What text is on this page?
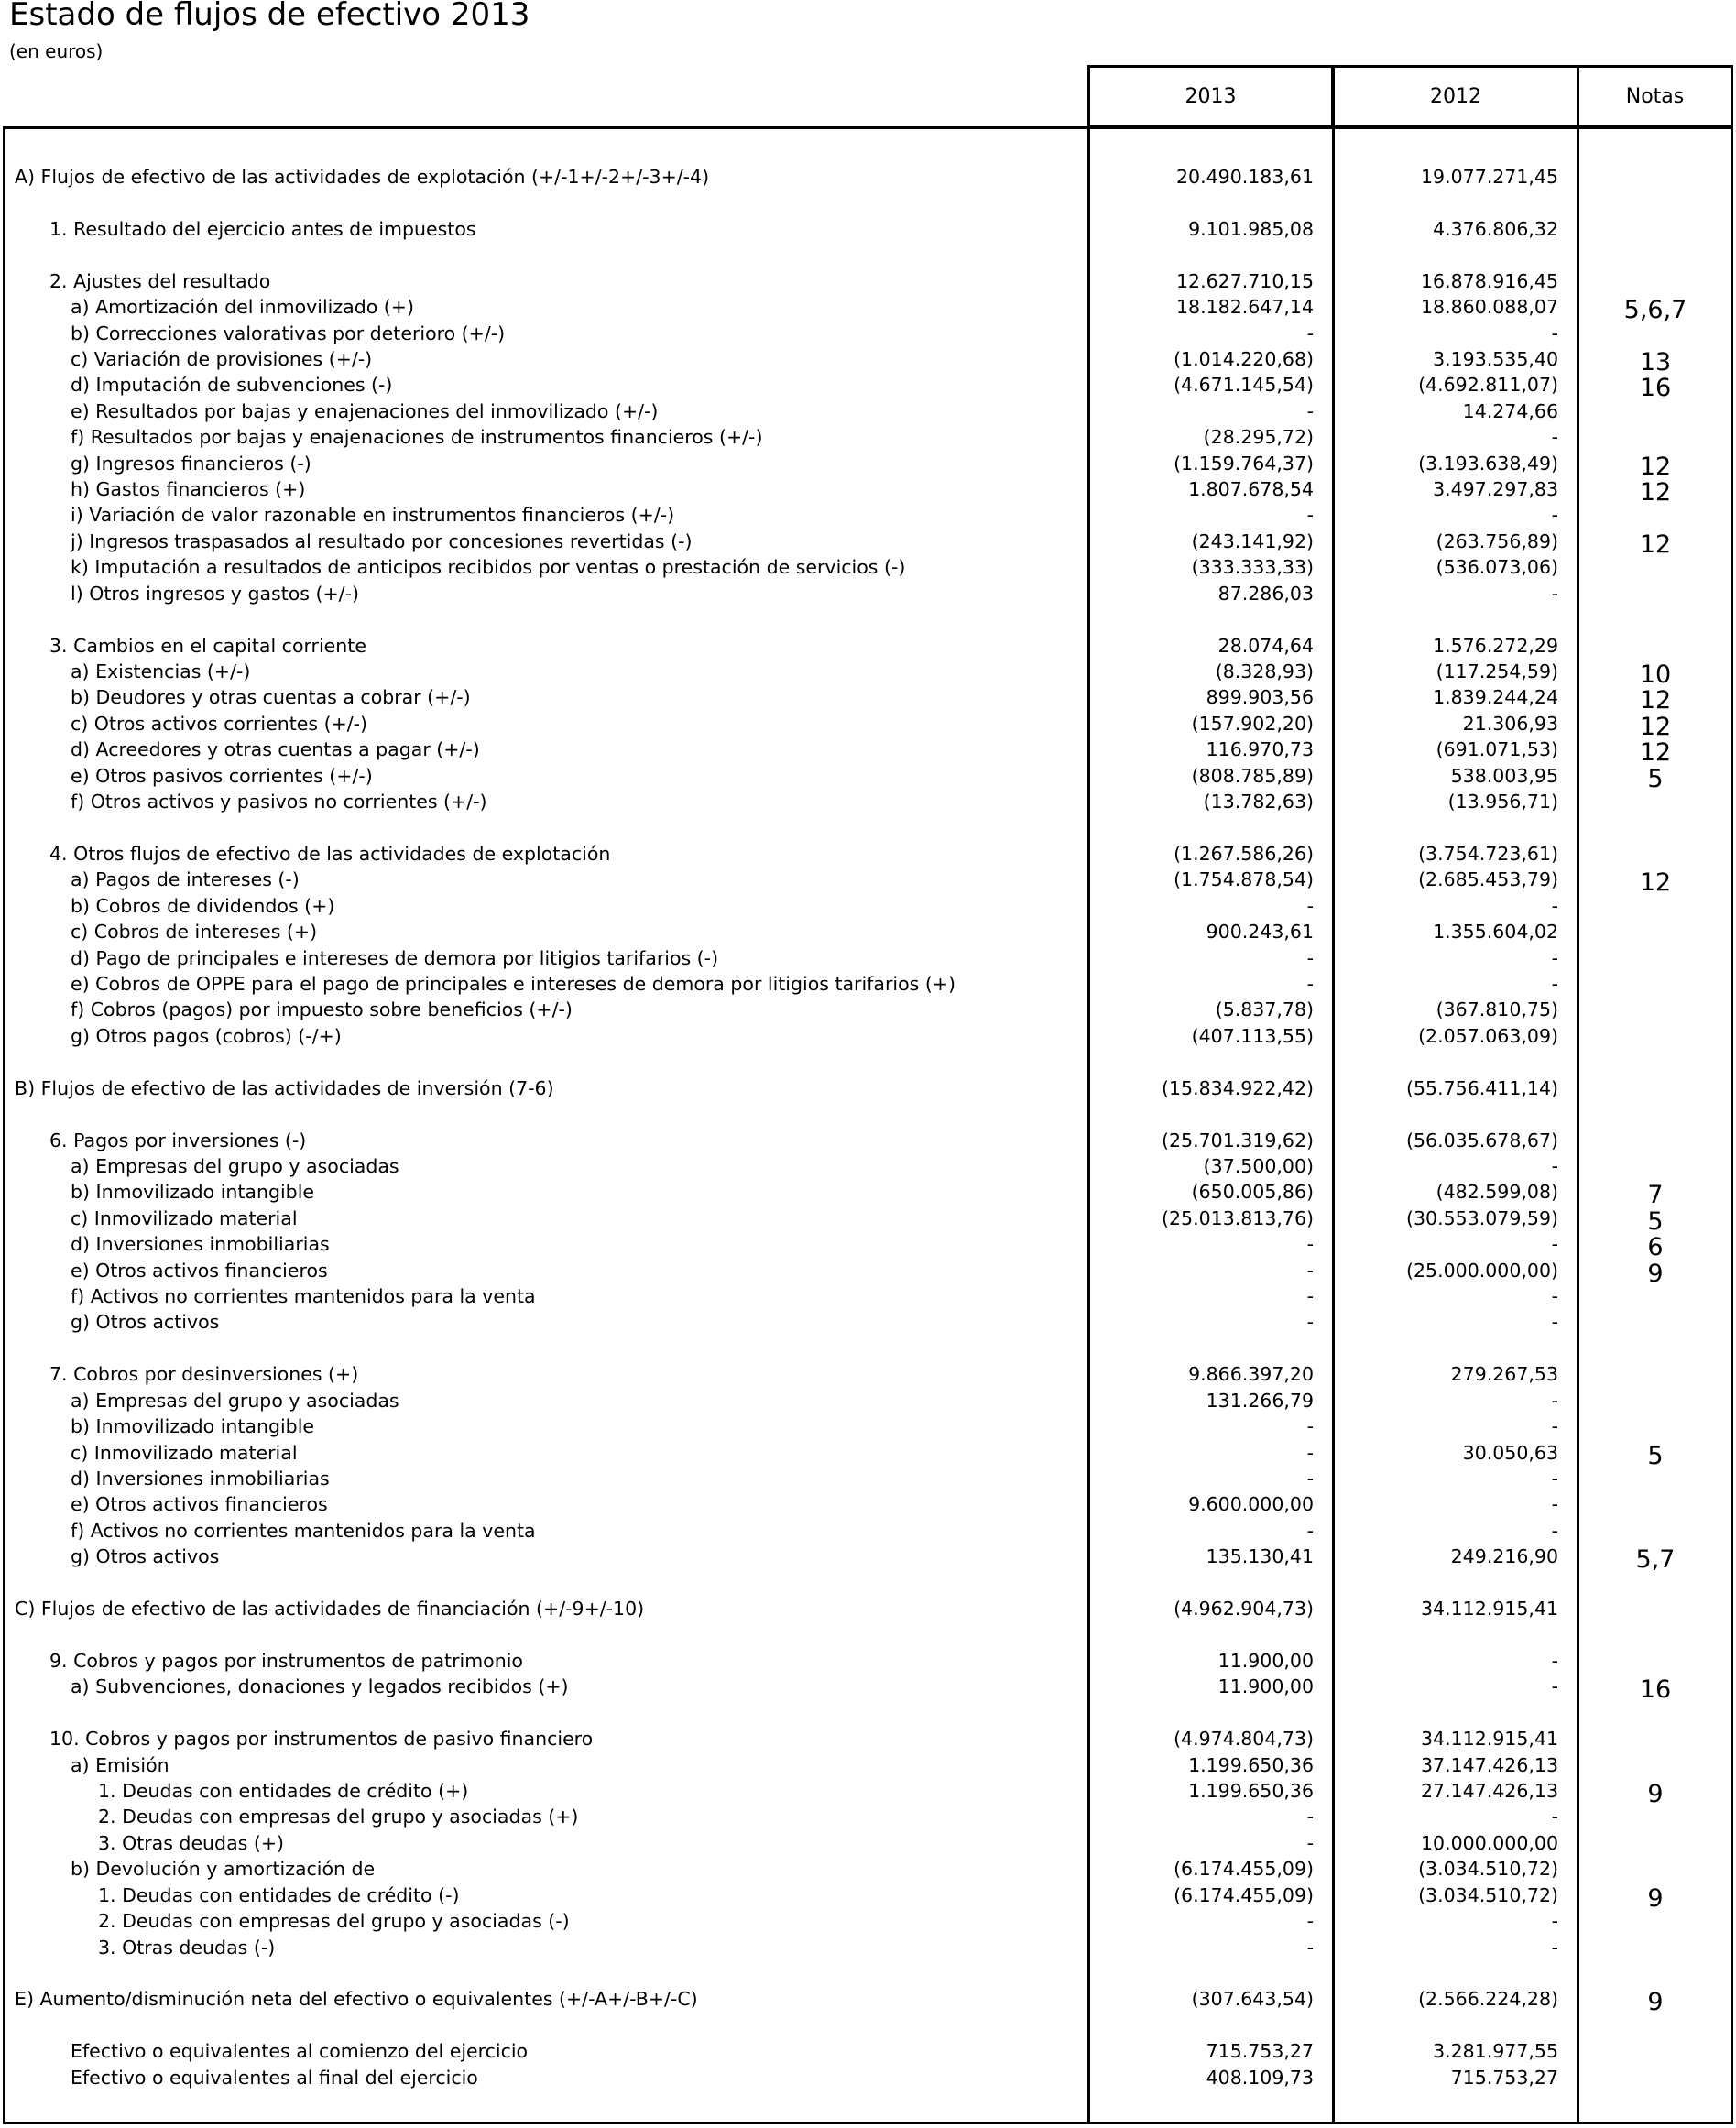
Estado de flujos de efectivo 2013
(en euros)
2013	2012	Notas
A) Flujos de efectivo de las actividades de explotación (+/-1+/-2+/-3+/-4)	20.490.183,61	19.077.271,45
1. Resultado del ejercicio antes de impuestos	9.101.985,08	4.376.806,32
2. Ajustes del resultado	12.627.710,15	16.878.916,45
a) Amortización del inmovilizado (+)	18.182.647,14	18.860.088,07	5,6,7
b) Correcciones valorativas por deterioro (+/-)	-	-
c) Variación de provisiones (+/-)	(1.014.220,68)	3.193.535,40	13
d) Imputación de subvenciones (-)	(4.671.145,54)	(4.692.811,07)	16
e) Resultados por bajas y enajenaciones del inmovilizado (+/-)	-	14.274,66
f) Resultados por bajas y enajenaciones de instrumentos financieros (+/-)	(28.295,72)	-
g) Ingresos financieros (-)	(1.159.764,37)	(3.193.638,49)	12
h) Gastos financieros (+)	1.807.678,54	3.497.297,83	12
i) Variación de valor razonable en instrumentos financieros (+/-)	-	-
j) Ingresos traspasados al resultado por concesiones revertidas (-)	(243.141,92)	(263.756,89)	12
k) Imputación a resultados de anticipos recibidos por ventas o prestación de servicios (-)	(333.333,33)	(536.073,06)
l) Otros ingresos y gastos (+/-)	87.286,03	-
3. Cambios en el capital corriente	28.074,64	1.576.272,29
a) Existencias (+/-)	(8.328,93)	(117.254,59)	10
b) Deudores y otras cuentas a cobrar (+/-)	899.903,56	1.839.244,24	12
c) Otros activos corrientes (+/-)	(157.902,20)	21.306,93	12
d) Acreedores y otras cuentas a pagar (+/-)	116.970,73	(691.071,53)	12
e) Otros pasivos corrientes (+/-)	(808.785,89)	538.003,95	5
f) Otros activos y pasivos no corrientes (+/-)	(13.782,63)	(13.956,71)
4. Otros flujos de efectivo de las actividades de explotación	(1.267.586,26)	(3.754.723,61)
a) Pagos de intereses (-)	(1.754.878,54)	(2.685.453,79)	12
b) Cobros de dividendos (+)	-	-
c) Cobros de intereses (+)	900.243,61	1.355.604,02
d) Pago de principales e intereses de demora por litigios tarifarios (-)	-	-
e) Cobros de OPPE para el pago de principales e intereses de demora por litigios tarifarios (+)	-	-
f) Cobros (pagos) por impuesto sobre beneficios (+/-)	(5.837,78)	(367.810,75)
g) Otros pagos (cobros) (-/+)	(407.113,55)	(2.057.063,09)
B) Flujos de efectivo de las actividades de inversión (7-6)	(15.834.922,42)	(55.756.411,14)
6. Pagos por inversiones (-)	(25.701.319,62)	(56.035.678,67)
a) Empresas del grupo y asociadas	(37.500,00)	-
b) Inmovilizado intangible	(650.005,86)	(482.599,08)	7
c) Inmovilizado material	(25.013.813,76)	(30.553.079,59)	5
d) Inversiones inmobiliarias	-	-	6
e) Otros activos financieros	-	(25.000.000,00)	9
f) Activos no corrientes mantenidos para la venta	-	-
g) Otros activos	-	-
7. Cobros por desinversiones (+)	9.866.397,20	279.267,53
a) Empresas del grupo y asociadas	131.266,79	-
b) Inmovilizado intangible	-	-
c) Inmovilizado material	-	30.050,63	5
d) Inversiones inmobiliarias	-	-
e) Otros activos financieros	9.600.000,00	-
f) Activos no corrientes mantenidos para la venta	-	-
g) Otros activos	135.130,41	249.216,90	5,7
C) Flujos de efectivo de las actividades de financiación (+/-9+/-10)	(4.962.904,73)	34.112.915,41
9. Cobros y pagos por instrumentos de patrimonio	11.900,00	-
a) Subvenciones, donaciones y legados recibidos (+)	11.900,00	-	16
10. Cobros y pagos por instrumentos de pasivo financiero	(4.974.804,73)	34.112.915,41
a) Emisión	1.199.650,36	37.147.426,13
1. Deudas con entidades de crédito (+)	1.199.650,36	27.147.426,13	9
2. Deudas con empresas del grupo y asociadas (+)	-	-
3. Otras deudas (+)	-	10.000.000,00
b) Devolución y amortización de	(6.174.455,09)	(3.034.510,72)
1. Deudas con entidades de crédito (-)	(6.174.455,09)	(3.034.510,72)	9
2. Deudas con empresas del grupo y asociadas (-)	-	-
3. Otras deudas (-)	-	-
E) Aumento/disminución neta del efectivo o equivalentes (+/-A+/-B+/-C)	(307.643,54)	(2.566.224,28)	9
Efectivo o equivalentes al comienzo del ejercicio	715.753,27	3.281.977,55
Efectivo o equivalentes al final del ejercicio	408.109,73	715.753,27
